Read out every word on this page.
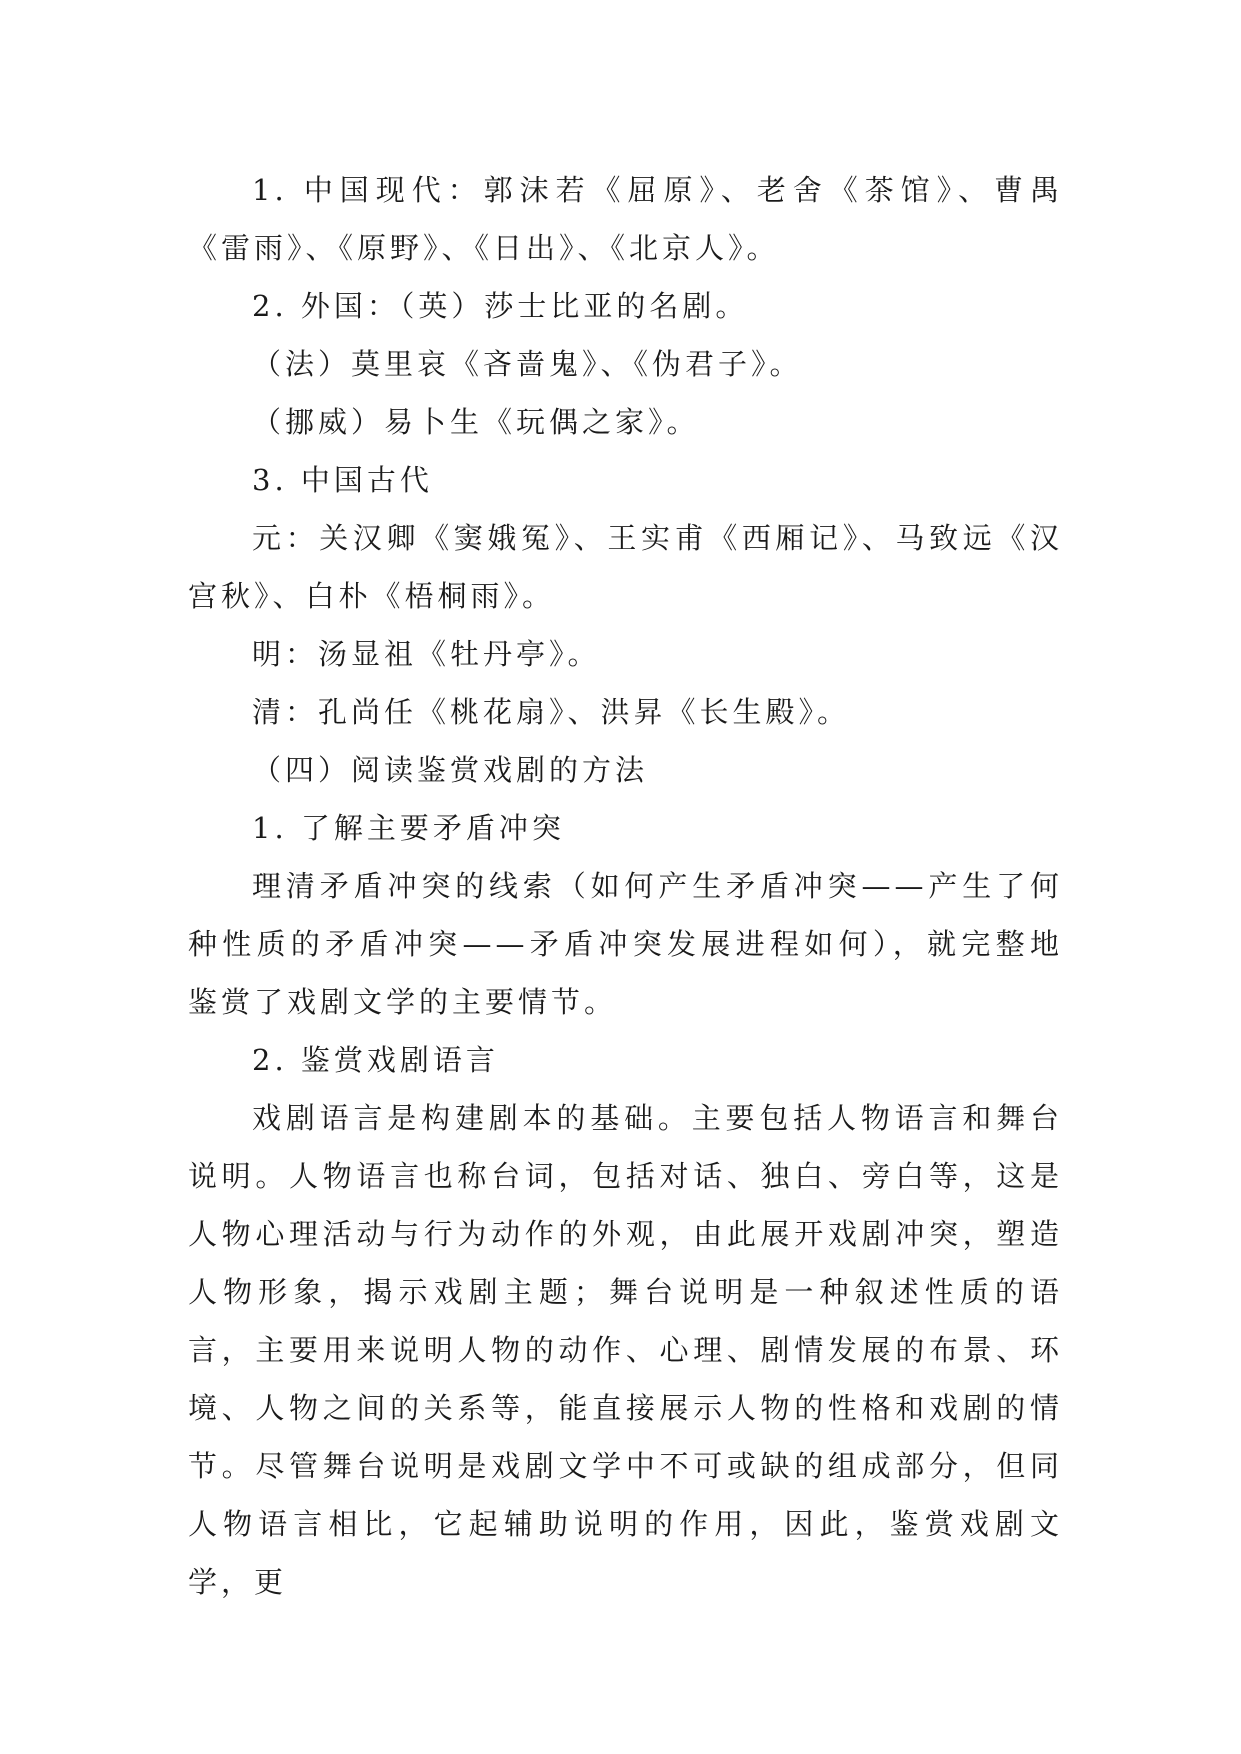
1. 中国现代：郭沫若《屈原》、老舍《茶馆》、曹禺《雷雨》、《原野》、《日出》、《北京人》。

2. 外国：（英）莎士比亚的名剧。

（法）莫里哀《吝啬鬼》、《伪君子》。

（挪威）易卜生《玩偶之家》。

3. 中国古代

元：关汉卿《窦娥冤》、王实甫《西厢记》、马致远《汉宫秋》、白朴《梧桐雨》。

明：汤显祖《牡丹亭》。

清：孔尚任《桃花扇》、洪昇《长生殿》。

（四）阅读鉴赏戏剧的方法

1. 了解主要矛盾冲突

理清矛盾冲突的线索（如何产生矛盾冲突——产生了何种性质的矛盾冲突——矛盾冲突发展进程如何），就完整地鉴赏了戏剧文学的主要情节。

2. 鉴赏戏剧语言

戏剧语言是构建剧本的基础。主要包括人物语言和舞台说明。人物语言也称台词，包括对话、独白、旁白等，这是人物心理活动与行为动作的外观，由此展开戏剧冲突，塑造人物形象，揭示戏剧主题；舞台说明是一种叙述性质的语言，主要用来说明人物的动作、心理、剧情发展的布景、环境、人物之间的关系等，能直接展示人物的性格和戏剧的情节。尽管舞台说明是戏剧文学中不可或缺的组成部分，但同人物语言相比，它起辅助说明的作用，因此，鉴赏戏剧文学，更
